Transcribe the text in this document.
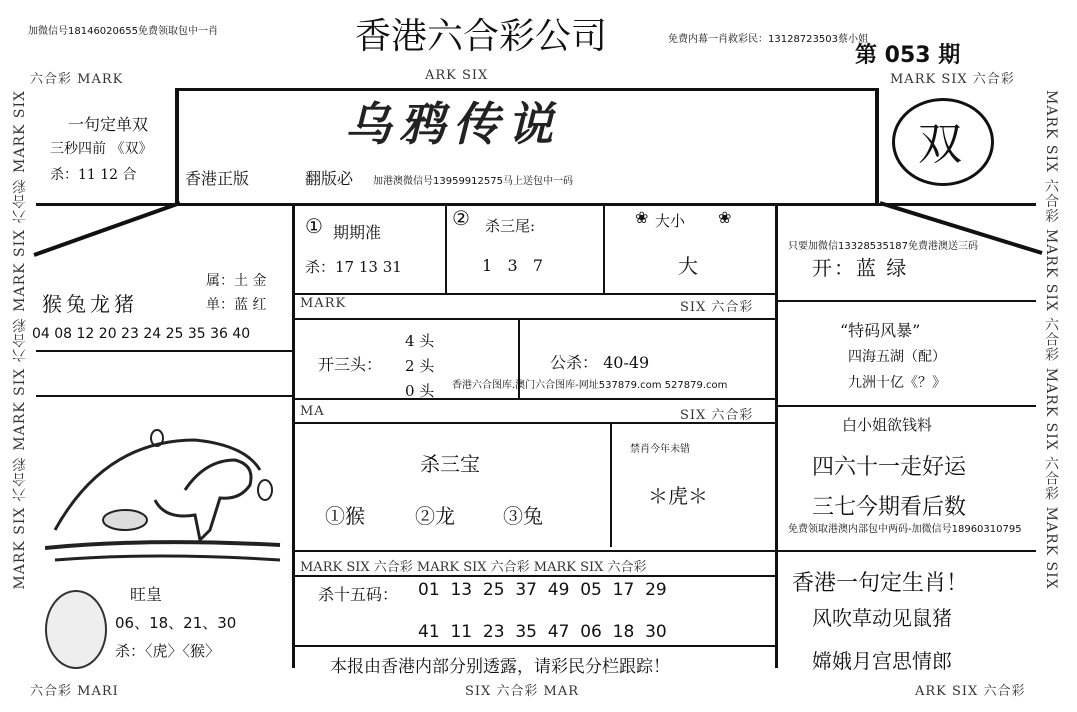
加微信号18146020655免费领取包中一肖	香港六合彩公司	免费内幕一肖救彩民：13128723503蔡小姐
第 053 期
六合彩 MARK	ARK SIX	MARK SIX 六合彩
乌鸦传说
香港正版	翻版必 加港澳微信号13959912575马上送包中一码
MARK SIX 六合彩 MARK SIX 六合彩 MARK SIX 六合彩 MARK SIX	MARK SIX 六合彩 MARK SIX 六合彩 MARK SIX 六合彩 MARK SIX
一句定单双
三秒四前 《双》
杀：11 12 合
双
猴兔龙猪
属：土 金
单：蓝 红
04 08 12 20 23 24 25 35 36 40
① 期期准
杀：17 13 31
② 杀三尾:
1   3   7
❀ 大小 ❀
大
只要加微信13328535187免费港澳送三码
开：蓝 绿
MARK	SIX 六合彩
开三头：
4 头
2 头
0 头
公杀： 40-49
香港六合图库.澳门六合图库-网址537879.com 527879.com
“特码风暴”
四海五湖（配）
九洲十亿《？》
MA	SIX 六合彩
杀三宝
①猴	②龙 ③兔
禁肖今年未错
＊虎＊
白小姐欲钱料
四六十一走好运
三七今期看后数
免费领取港澳内部包中两码-加微信号18960310795
旺皇
06、18、21、30
杀：〈虎〉〈猴〉
MARK SIX 六合彩 MARK SIX 六合彩 MARK SIX 六合彩
杀十五码： 01  13  25  37  49  05  17  29
41  11  23  35  47  06  18  30
本报由香港内部分别透露，请彩民分栏跟踪！
香港一句定生肖！
风吹草动见鼠猪
嫦娥月宫思情郎
六合彩 MARI	SIX 六合彩 MAR	ARK SIX 六合彩
